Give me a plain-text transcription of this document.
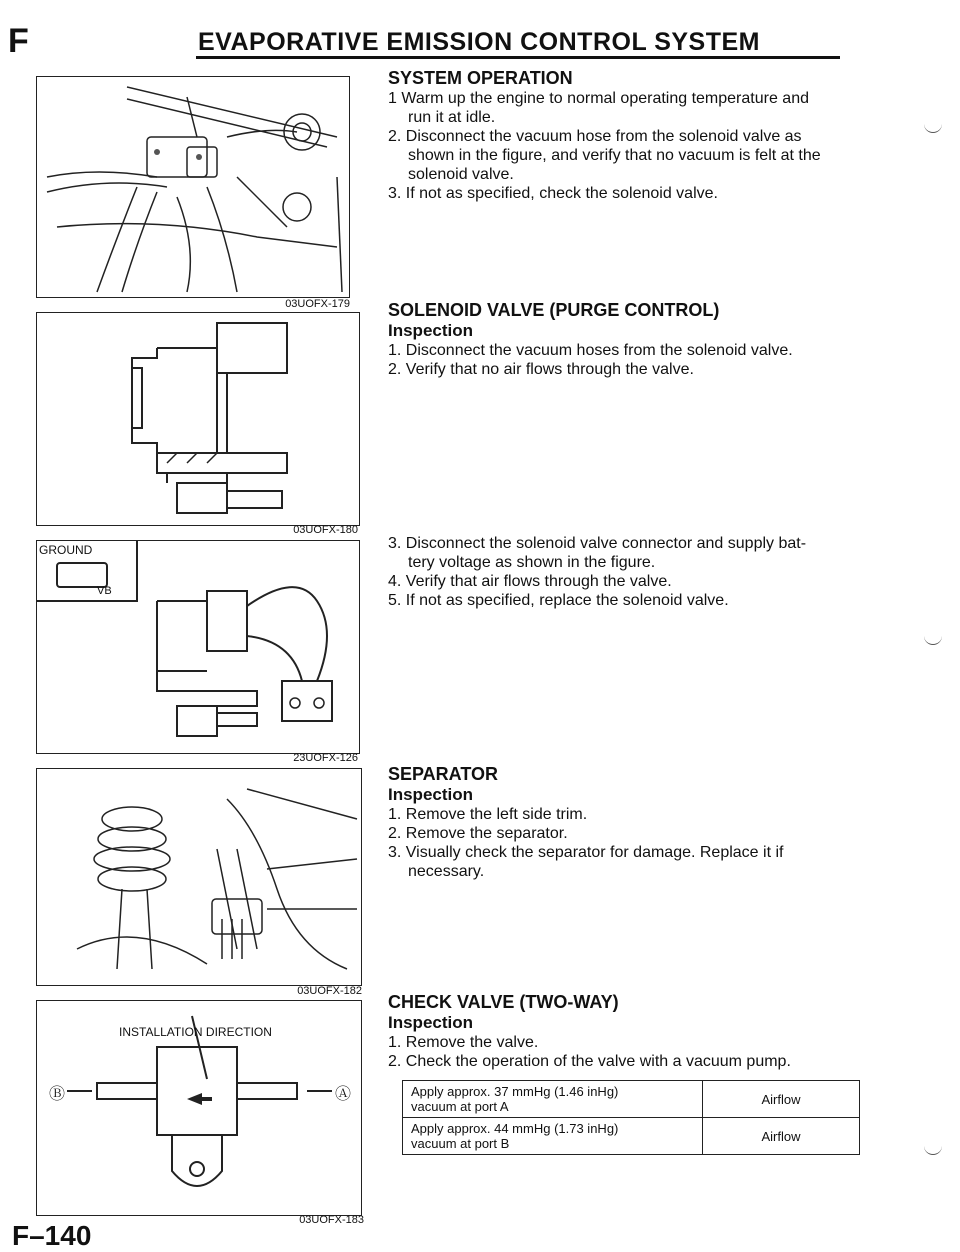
F	EVAPORATIVE EMISSION CONTROL SYSTEM
03UOFX-179
03UOFX-180
GROUND
VB
23UOFX-126
03UOFX-182
INSTALLATION DIRECTION
Ⓑ	Ⓐ
03UOFX-183
SYSTEM OPERATION
1 Warm up the engine to normal operating temperature and
run it at idle.
2. Disconnect the vacuum hose from the solenoid valve as
shown in the figure, and verify that no vacuum is felt at the
solenoid valve.
3. If not as specified, check the solenoid valve.
SOLENOID VALVE (PURGE CONTROL)
Inspection
1. Disconnect the vacuum hoses from the solenoid valve.
2. Verify that no air flows through the valve.
3. Disconnect the solenoid valve connector and supply bat-
tery voltage as shown in the figure.
4. Verify that air flows through the valve.
5. If not as specified, replace the solenoid valve.
SEPARATOR
Inspection
1. Remove the left side trim.
2. Remove the separator.
3. Visually check the separator for damage. Replace it if
necessary.
CHECK VALVE (TWO-WAY)
Inspection
1. Remove the valve.
2. Check the operation of the valve with a vacuum pump.
Apply approx. 37 mmHg (1.46 inHg)
vacuum at port A	Airflow

Apply approx. 44 mmHg (1.73 inHg)
vacuum at port B	Airflow
F–140
